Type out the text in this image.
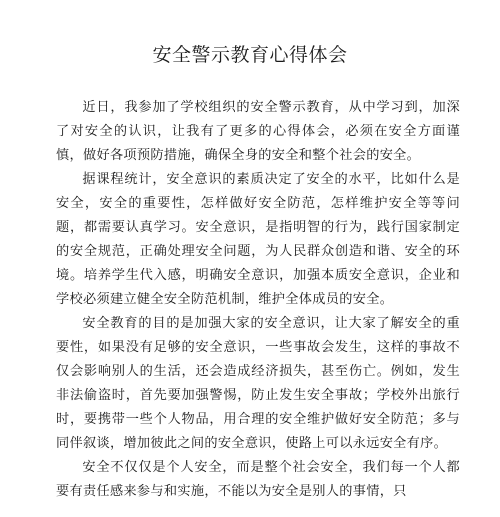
安全警示教育心得体会

近日，我参加了学校组织的安全警示教育，从中学习到，加深了对安全的认识，让我有了更多的心得体会，必须在安全方面谨慎，做好各项预防措施，确保全身的安全和整个社会的安全。

据课程统计，安全意识的素质决定了安全的水平，比如什么是安全，安全的重要性，怎样做好安全防范，怎样维护安全等等问题，都需要认真学习。安全意识，是指明智的行为，践行国家制定的安全规范，正确处理安全问题，为人民群众创造和谐、安全的环境。培养学生代入感，明确安全意识，加强本质安全意识，企业和学校必须建立健全安全防范机制，维护全体成员的安全。

安全教育的目的是加强大家的安全意识，让大家了解安全的重要性，如果没有足够的安全意识，一些事故会发生，这样的事故不仅会影响别人的生活，还会造成经济损失，甚至伤亡。例如，发生非法偷盗时，首先要加强警惕，防止发生安全事故；学校外出旅行时，要携带一些个人物品，用合理的安全维护做好安全防范；多与同伴叙谈，增加彼此之间的安全意识，使路上可以永远安全有序。

安全不仅仅是个人安全，而是整个社会安全，我们每一个人都要有责任感来参与和实施，不能以为安全是别人的事情，只
